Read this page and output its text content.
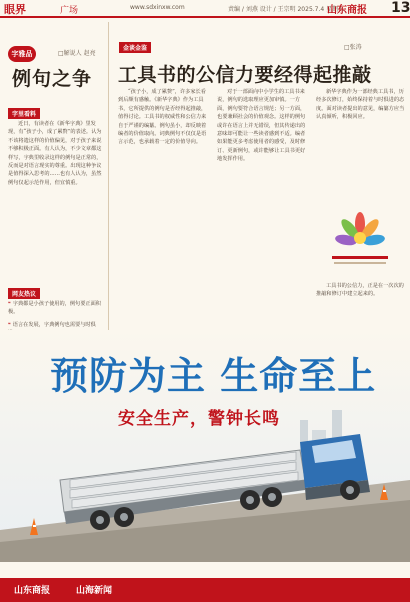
眼界	广场	www.sdxinxw.com	责编 / 刘燕 设计 / 王宗明 2025.7.4 星期五
山东商报 13
字雅品	□解说人 赵亮
例句之争
字里看料
近日，有读者在《新华字典》里发现，有“孩子小，成了累赘”的表述。认为不该将遗这样的价值偏见，对于孩子来说不够积极正面。有人认为，不少文章都这样写，字典里收录这样的例句是正常的，反而是对语言现实的尊重。出现这种争议是值得深入思考的……也有人认为，虽然例句仅起示范作用，但宜慎重。
网友热议
❝ 字典都是小孩子使用的，例句要正面积极。
❝ 语言在发展，字典例句也需要与时俱
金谈金鉴	□张涛
工具书的公信力要经得起推敲
“孩子小，成了累赘”，许多家长看到后颇有感触。《新华字典》作为工具书，它所提供的例句是否经得起推敲，值得讨论。工具书的权威性和公信力来自于严谨的编纂。例句虽小，却反映着编者的价值取向。词典例句不仅仅是语言示范，也承载着一定的价值导向。
对于一部面向中小学生的工具书来说，例句的选取理应更加审慎。一方面，例句要符合语言规范；另一方面，也要兼顾社会的价值观念。这样的例句或许在语言上并无错误，但其传递出的意味却可能让一些读者感到不适。编者如果能更多考虑使用者的感受，及时修订、更新例句，或许能够让工具书更好地发挥作用。
新华字典作为一部经典工具书，历经多次修订，始终保持着与时俱进的态度。面对读者提出的意见，编纂方应当认真倾听，积极回应。
工具书的公信力，正是在一次次的推敲和修订中建立起来的。
预防为主 生命至上
安全生产，警钟长鸣
山东商报	山海新闻
